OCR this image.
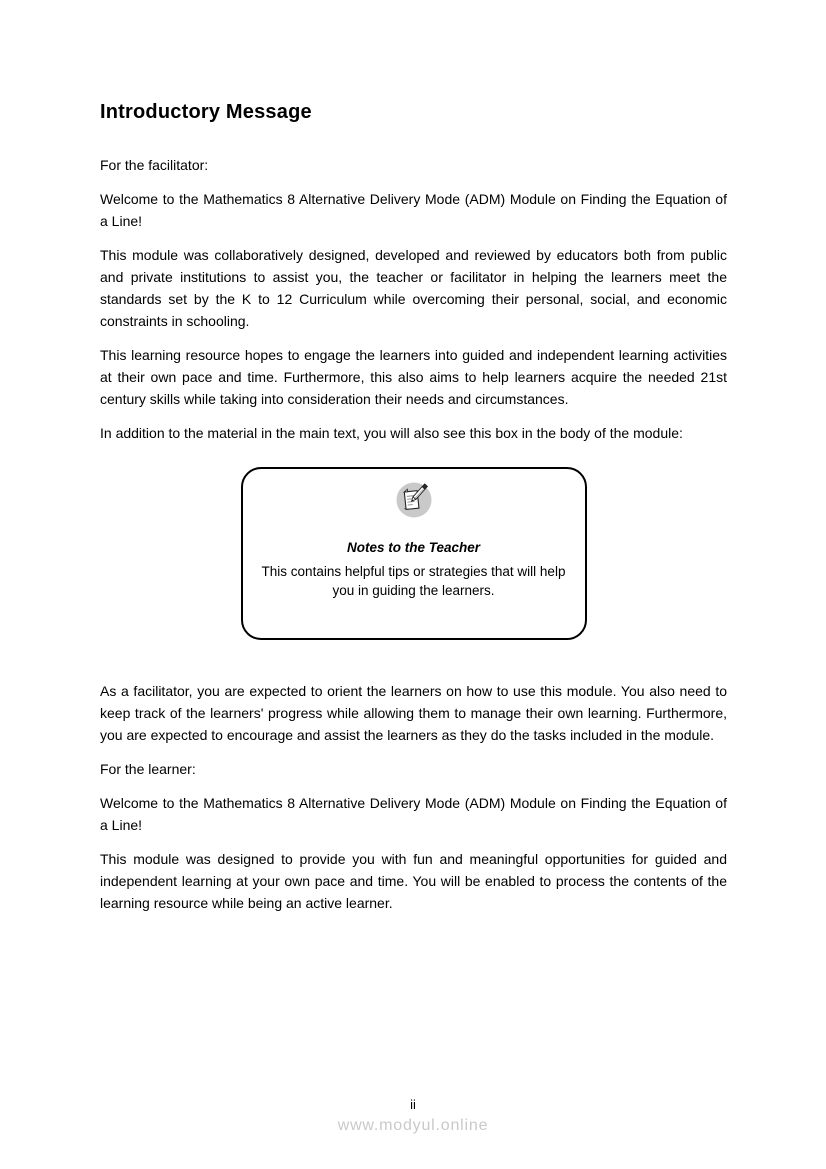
Introductory Message

For the facilitator:

Welcome to the Mathematics 8 Alternative Delivery Mode (ADM) Module on Finding the Equation of a Line!

This module was collaboratively designed, developed and reviewed by educators both from public and private institutions to assist you, the teacher or facilitator in helping the learners meet the standards set by the K to 12 Curriculum while overcoming their personal, social, and economic constraints in schooling.

This learning resource hopes to engage the learners into guided and independent learning activities at their own pace and time. Furthermore, this also aims to help learners acquire the needed 21st century skills while taking into consideration their needs and circumstances.

In addition to the material in the main text, you will also see this box in the body of the module:

Notes to the Teacher
This contains helpful tips or strategies that will help you in guiding the learners.

As a facilitator, you are expected to orient the learners on how to use this module. You also need to keep track of the learners' progress while allowing them to manage their own learning. Furthermore, you are expected to encourage and assist the learners as they do the tasks included in the module.

For the learner:

Welcome to the Mathematics 8 Alternative Delivery Mode (ADM) Module on Finding the Equation of a Line!

This module was designed to provide you with fun and meaningful opportunities for guided and independent learning at your own pace and time. You will be enabled to process the contents of the learning resource while being an active learner.

ii
www.modyul.online
